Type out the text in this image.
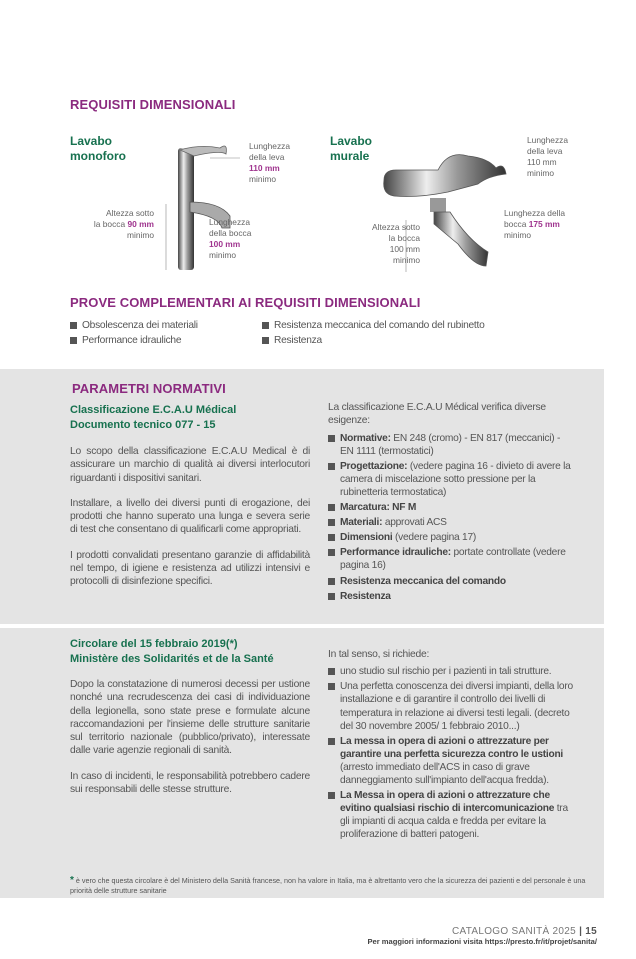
REQUISITI DIMENSIONALI
Lavabo
monoforo
Lunghezza
della leva
110 mm
minimo
Altezza sotto
la bocca 90 mm
minimo
Lunghezza
della bocca
100 mm
minimo
Lavabo
murale
Lunghezza
della leva
110 mm
minimo
Lunghezza della
bocca 175 mm
minimo
Altezza sotto
la bocca
100 mm
minimo
PROVE COMPLEMENTARI AI REQUISITI DIMENSIONALI
Obsolescenza dei materiali
Performance idrauliche
Resistenza meccanica del comando del rubinetto
Resistenza
PARAMETRI NORMATIVI
Classificazione E.C.A.U Médical
Documento tecnico 077 - 15

Lo scopo della classificazione E.C.A.U Medical è di assicurare un marchio di qualità ai diversi interlocutori riguardanti i dispositivi sanitari.

Installare, a livello dei diversi punti di erogazione, dei prodotti che hanno superato una lunga e severa serie di test che consentano di qualificarli come appropriati.

I prodotti convalidati presentano garanzie di affidabilità nel tempo, di igiene e resistenza ad utilizzi intensivi e protocolli di disinfezione specifici.

La classificazione E.C.A.U Médical verifica diverse esigenze:
Normative: EN 248 (cromo) - EN 817 (meccanici) - EN 1111 (termostatici)
Progettazione: (vedere pagina 16 - divieto di avere la camera di miscelazione sotto pressione per la rubinetteria termostatica)
Marcatura: NF M
Materiali: approvati ACS
Dimensioni (vedere pagina 17)
Performance idrauliche: portate controllate (vedere pagina 16)
Resistenza meccanica del comando
Resistenza
Circolare del 15 febbraio 2019(*)
Ministère des Solidarités et de la Santé

Dopo la constatazione di numerosi decessi per ustione nonché una recrudescenza dei casi di individuazione della legionella, sono state prese e formulate alcune raccomandazioni per l'insieme delle strutture sanitarie sul territorio nazionale (pubblico/privato), interessate dalle varie agenzie regionali di sanità.

In caso di incidenti, le responsabilità potrebbero cadere sui responsabili delle stesse strutture.

In tal senso, si richiede:
uno studio sul rischio per i pazienti in tali strutture.
Una perfetta conoscenza dei diversi impianti, della loro installazione e di garantire il controllo dei livelli di temperatura in relazione ai diversi testi legali. (decreto del 30 novembre 2005/ 1 febbraio 2010...)
La messa in opera di azioni o attrezzature per garantire una perfetta sicurezza contro le ustioni (arresto immediato dell'ACS in caso di grave danneggiamento sull'impianto dell'acqua fredda).
La Messa in opera di azioni o attrezzature che evitino qualsiasi rischio di intercomunicazione tra gli impianti di acqua calda e fredda per evitare la proliferazione di batteri patogeni.
* è vero che questa circolare è del Ministero della Sanità francese, non ha valore in Italia, ma è altrettanto vero che la sicurezza dei pazienti e del personale è una priorità delle strutture sanitarie
CATALOGO SANITÀ 2025 | 15
Per maggiori informazioni visita https://presto.fr/it/projet/sanita/
